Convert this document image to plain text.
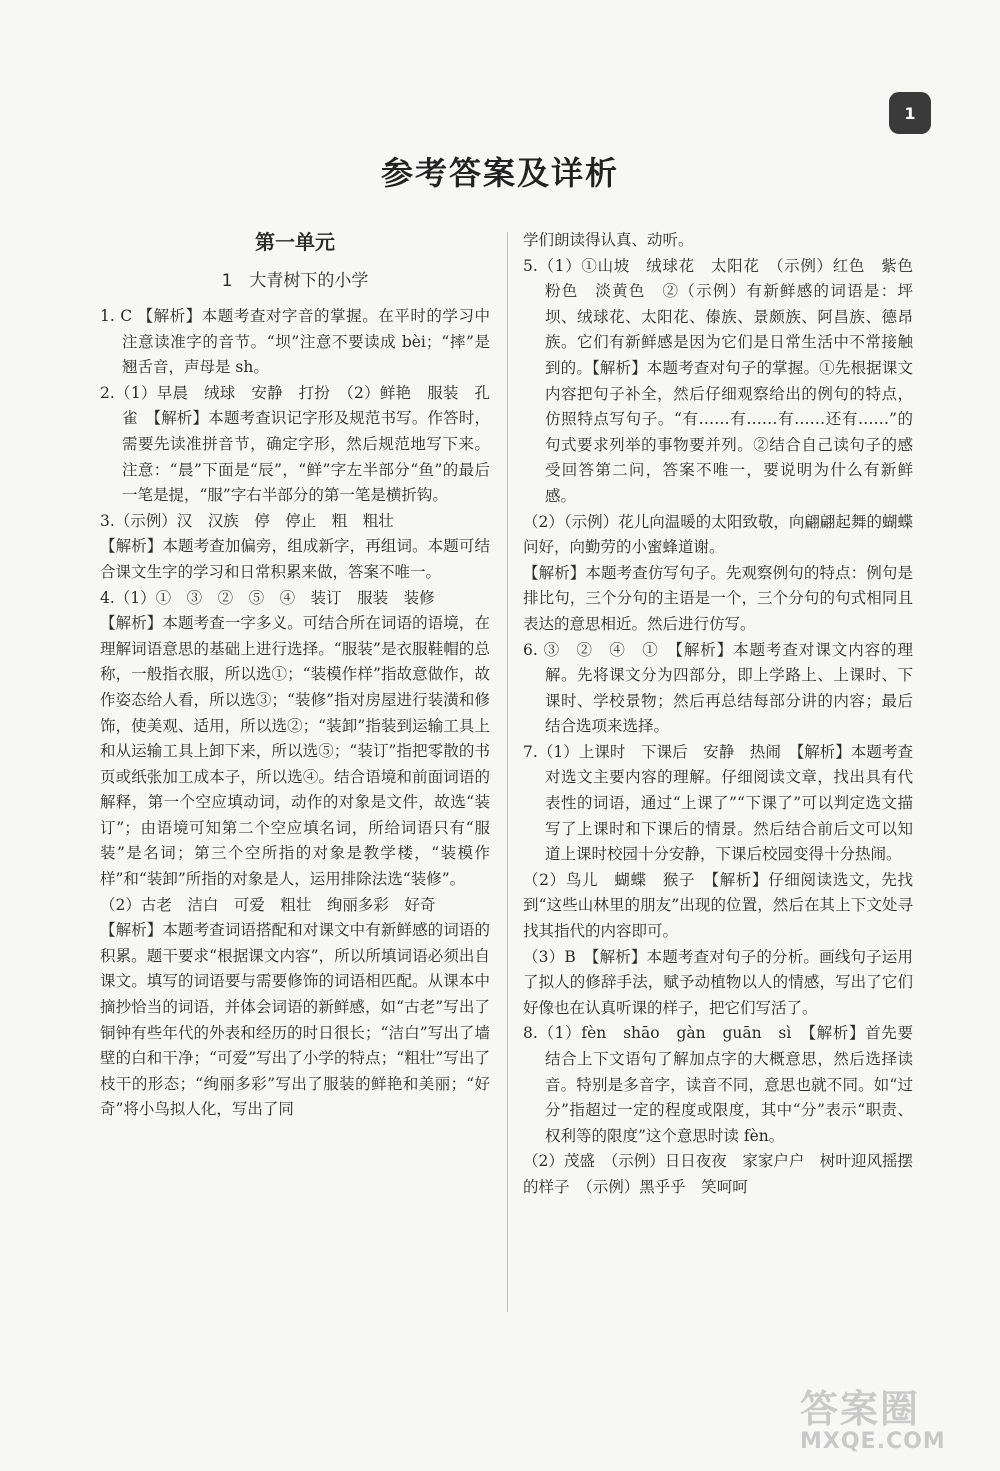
1
参考答案及详析
第一单元
1　大青树下的小学

1. C 【解析】本题考查对字音的掌握。在平时的学习中注意读准字的音节。“坝”注意不要读成 bèi；“摔”是翘舌音，声母是 sh。

2.（1）早晨　绒球　安静　打扮　（2）鲜艳　服装　孔雀　【解析】本题考查识记字形及规范书写。作答时，需要先读准拼音节，确定字形，然后规范地写下来。注意：“晨”下面是“辰”，“鲜”字左半部分“鱼”的最后一笔是提，“服”字右半部分的第一笔是横折钩。

3.（示例）汉　汉族　停　停止　粗　粗壮

【解析】本题考查加偏旁，组成新字，再组词。本题可结合课文生字的学习和日常积累来做，答案不唯一。

4.（1）①　③　②　⑤　④　装订　服装　装修

【解析】本题考查一字多义。可结合所在词语的语境，在理解词语意思的基础上进行选择。“服装”是衣服鞋帽的总称，一般指衣服，所以选①；“装模作样”指故意做作，故作姿态给人看，所以选③；“装修”指对房屋进行装潢和修饰，使美观、适用，所以选②；“装卸”指装到运输工具上和从运输工具上卸下来，所以选⑤；“装订”指把零散的书页或纸张加工成本子，所以选④。结合语境和前面词语的解释，第一个空应填动词，动作的对象是文件，故选“装订”；由语境可知第二个空应填名词，所给词语只有“服装”是名词；第三个空所指的对象是教学楼，“装模作样”和“装卸”所指的对象是人，运用排除法选“装修”。

（2）古老　洁白　可爱　粗壮　绚丽多彩　好奇

【解析】本题考查词语搭配和对课文中有新鲜感的词语的积累。题干要求“根据课文内容”，所以所填词语必须出自课文。填写的词语要与需要修饰的词语相匹配。从课本中摘抄恰当的词语，并体会词语的新鲜感，如“古老”写出了铜钟有些年代的外表和经历的时日很长；“洁白”写出了墙壁的白和干净；“可爱”写出了小学的特点；“粗壮”写出了枝干的形态；“绚丽多彩”写出了服装的鲜艳和美丽；“好奇”将小鸟拟人化，写出了同

学们朗读得认真、动听。

5.（1）①山坡　绒球花　太阳花　（示例）红色　紫色　粉色　淡黄色　②（示例）有新鲜感的词语是：坪坝、绒球花、太阳花、傣族、景颇族、阿昌族、德昂族。它们有新鲜感是因为它们是日常生活中不常接触到的。【解析】本题考查对句子的掌握。①先根据课文内容把句子补全，然后仔细观察给出的例句的特点，仿照特点写句子。“有……有……有……还有……”的句式要求列举的事物要并列。②结合自己读句子的感受回答第二问，答案不唯一，要说明为什么有新鲜感。

（2）（示例）花儿向温暖的太阳致敬，向翩翩起舞的蝴蝶问好，向勤劳的小蜜蜂道谢。

【解析】本题考查仿写句子。先观察例句的特点：例句是排比句，三个分句的主语是一个，三个分句的句式相同且表达的意思相近。然后进行仿写。

6. ③　②　④　①　【解析】本题考查对课文内容的理解。先将课文分为四部分，即上学路上、上课时、下课时、学校景物；然后再总结每部分讲的内容；最后结合选项来选择。

7.（1）上课时　下课后　安静　热闹　【解析】本题考查对选文主要内容的理解。仔细阅读文章，找出具有代表性的词语，通过“上课了”“下课了”可以判定选文描写了上课时和下课后的情景。然后结合前后文可以知道上课时校园十分安静，下课后校园变得十分热闹。

（2）鸟儿　蝴蝶　猴子　【解析】仔细阅读选文，先找到“这些山林里的朋友”出现的位置，然后在其上下文处寻找其指代的内容即可。

（3）B　【解析】本题考查对句子的分析。画线句子运用了拟人的修辞手法，赋予动植物以人的情感，写出了它们好像也在认真听课的样子，把它们写活了。

8.（1）fèn　shāo　gàn　guān　sì　【解析】首先要结合上下文语句了解加点字的大概意思，然后选择读音。特别是多音字，读音不同，意思也就不同。如“过分”指超过一定的程度或限度，其中“分”表示“职责、权利等的限度”这个意思时读 fèn。

（2）茂盛　（示例）日日夜夜　家家户户　树叶迎风摇摆的样子　（示例）黑乎乎　笑呵呵

答案圈
MXQE.COM
